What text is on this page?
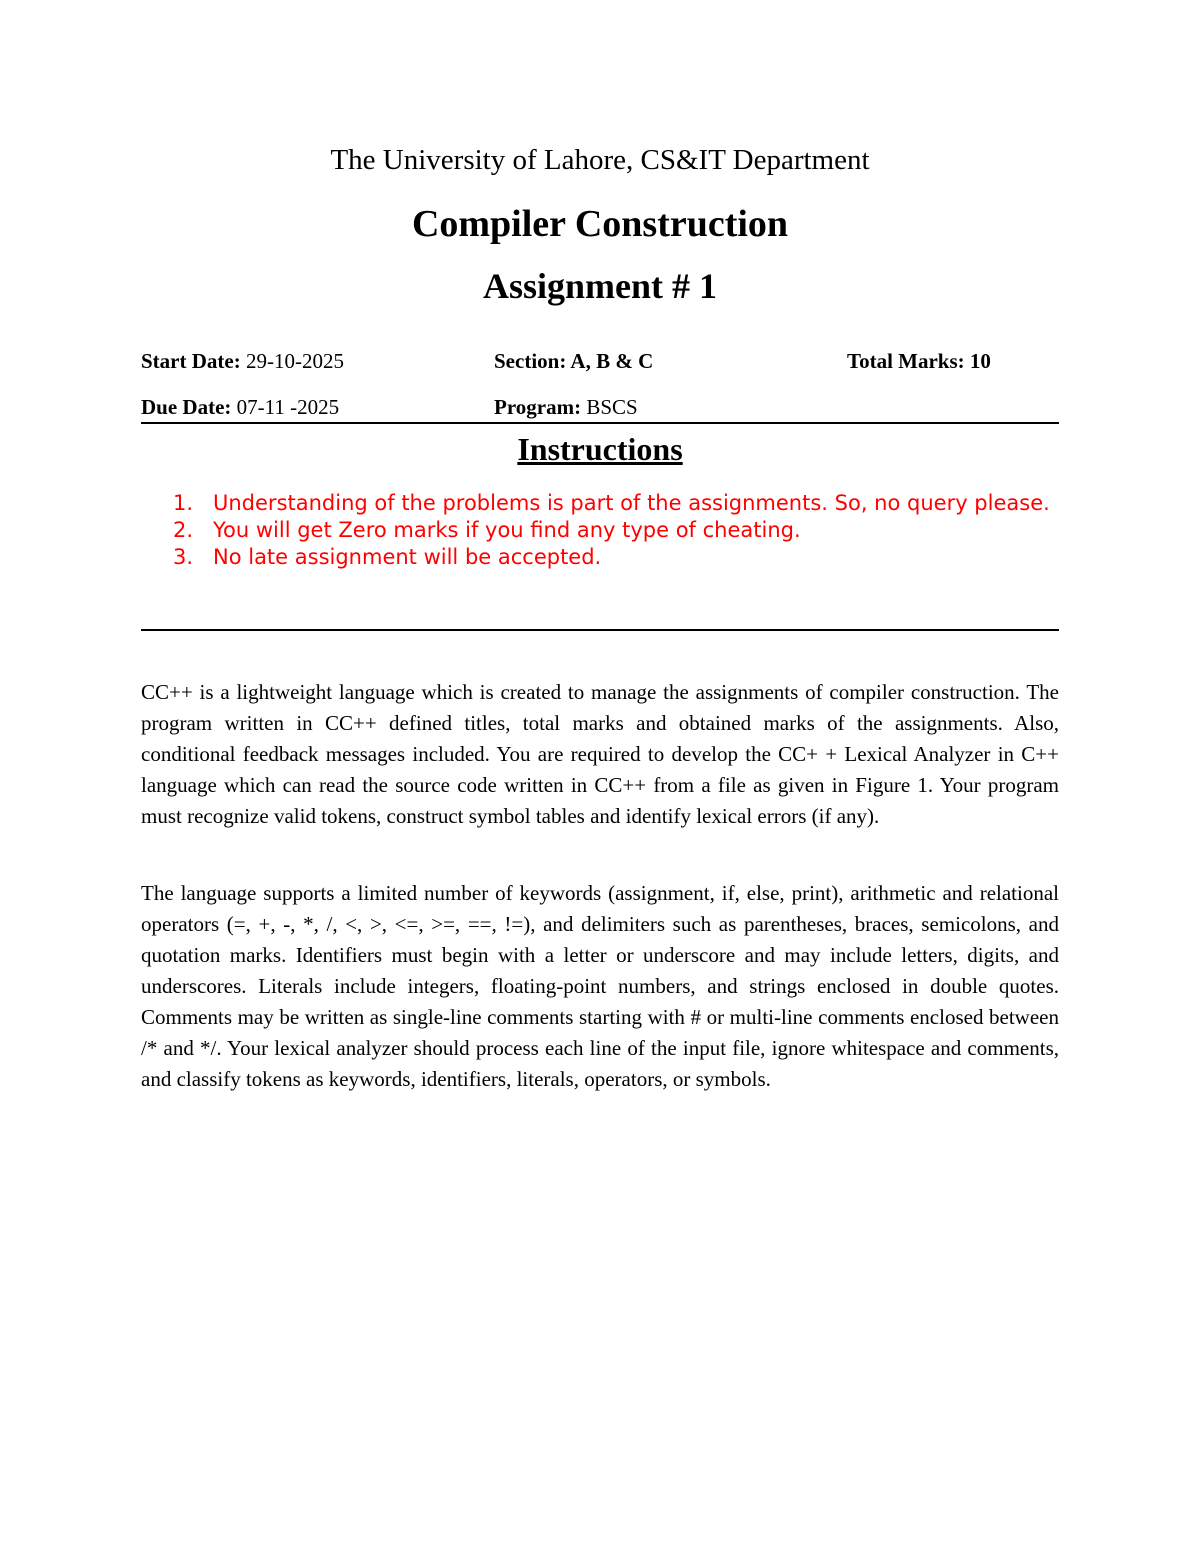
The University of Lahore, CS&IT Department
Compiler Construction
Assignment # 1
Start Date: 29-10-2025	Section: A, B & C	Total Marks: 10
Due Date: 07-11 -2025	Program: BSCS
Instructions
1. Understanding of the problems is part of the assignments. So, no query please.
2. You will get Zero marks if you find any type of cheating.
3. No late assignment will be accepted.

CC++ is a lightweight language which is created to manage the assignments of compiler construction. The program written in CC++ defined titles, total marks and obtained marks of the assignments. Also, conditional feedback messages included. You are required to develop the CC+ + Lexical Analyzer in C++ language which can read the source code written in CC++ from a file as given in Figure 1. Your program must recognize valid tokens, construct symbol tables and identify lexical errors (if any).

The language supports a limited number of keywords (assignment, if, else, print), arithmetic and relational operators (=, +, -, *, /, <, >, <=, >=, ==, !=), and delimiters such as parentheses, braces, semicolons, and quotation marks. Identifiers must begin with a letter or underscore and may include letters, digits, and underscores. Literals include integers, floating-point numbers, and strings enclosed in double quotes. Comments may be written as single-line comments starting with # or multi-line comments enclosed between /* and */. Your lexical analyzer should process each line of the input file, ignore whitespace and comments, and classify tokens as keywords, identifiers, literals, operators, or symbols.
